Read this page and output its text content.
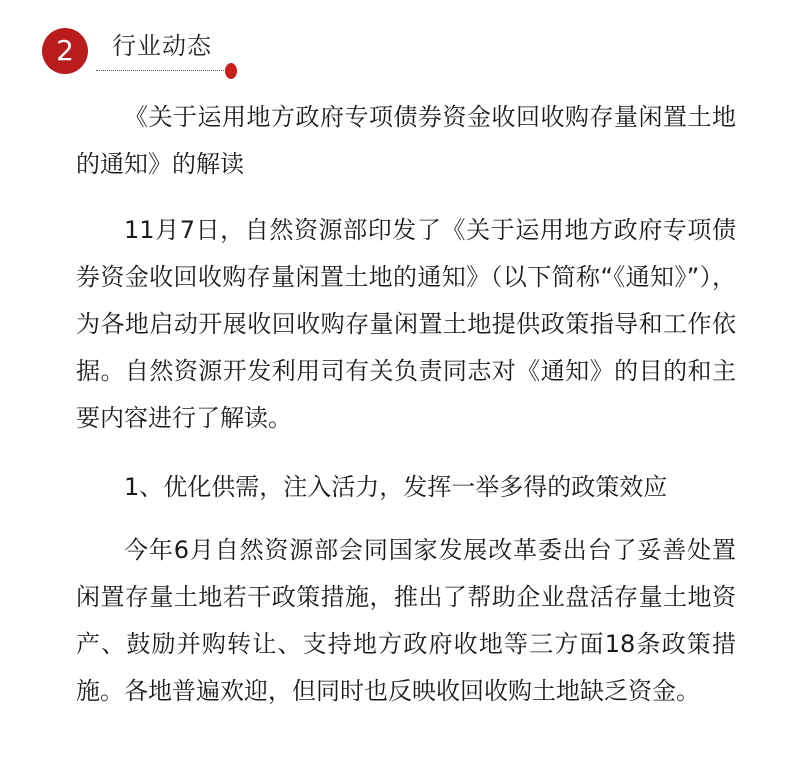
2	行业动态

《关于运用地方政府专项债券资金收回收购存量闲置土地的通知》的解读

11月7日，自然资源部印发了《关于运用地方政府专项债券资金收回收购存量闲置土地的通知》（以下简称“《通知》”），为各地启动开展收回收购存量闲置土地提供政策指导和工作依据。自然资源开发利用司有关负责同志对《通知》的目的和主要内容进行了解读。

1、优化供需，注入活力，发挥一举多得的政策效应

今年6月自然资源部会同国家发展改革委出台了妥善处置闲置存量土地若干政策措施，推出了帮助企业盘活存量土地资产、鼓励并购转让、支持地方政府收地等三方面18条政策措施。各地普遍欢迎，但同时也反映收回收购土地缺乏资金。
